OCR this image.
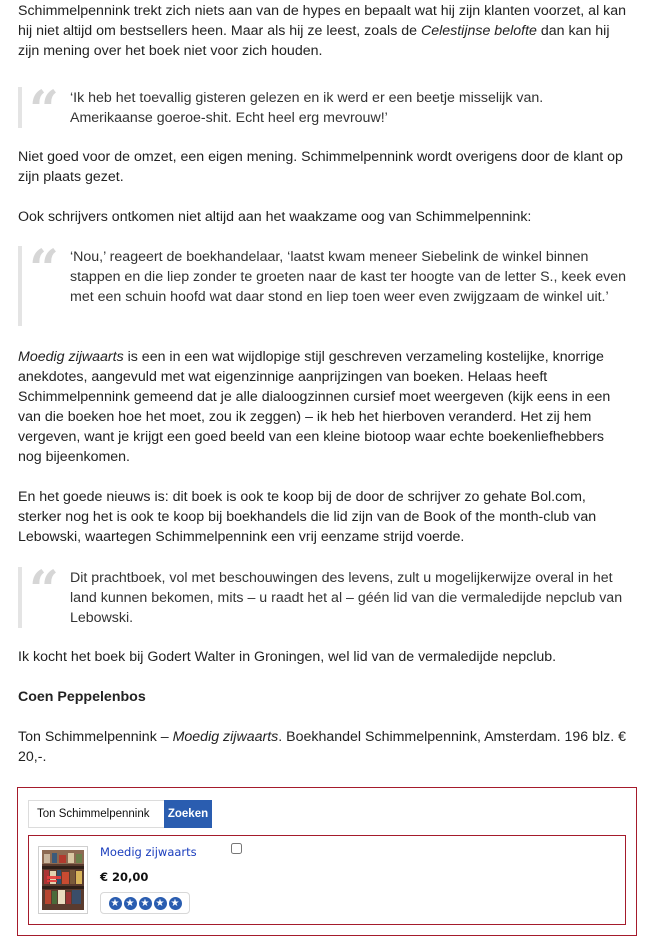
Schimmelpennink trekt zich niets aan van de hypes en bepaalt wat hij zijn klanten voorzet, al kan hij niet altijd om bestsellers heen. Maar als hij ze leest, zoals de Celestijnse belofte dan kan hij zijn mening over het boek niet voor zich houden.

“ ‘Ik heb het toevallig gisteren gelezen en ik werd er een beetje misselijk van. Amerikaanse goeroe-shit. Echt heel erg mevrouw!’

Niet goed voor de omzet, een eigen mening. Schimmelpennink wordt overigens door de klant op zijn plaats gezet.

Ook schrijvers ontkomen niet altijd aan het waakzame oog van Schimmelpennink:

“ ‘Nou,’ reageert de boekhandelaar, ‘laatst kwam meneer Siebelink de winkel binnen stappen en die liep zonder te groeten naar de kast ter hoogte van de letter S., keek even met een schuin hoofd wat daar stond en liep toen weer even zwijgzaam de winkel uit.’

Moedig zijwaarts is een in een wat wijdlopige stijl geschreven verzameling kostelijke, knorrige anekdotes, aangevuld met wat eigenzinnige aanprijzingen van boeken. Helaas heeft Schimmelpennink gemeend dat je alle dialoogzinnen cursief moet weergeven (kijk eens in een van die boeken hoe het moet, zou ik zeggen) – ik heb het hierboven veranderd. Het zij hem vergeven, want je krijgt een goed beeld van een kleine biotoop waar echte boekenliefhebbers nog bijeenkomen.

En het goede nieuws is: dit boek is ook te koop bij de door de schrijver zo gehate Bol.com, sterker nog het is ook te koop bij boekhandels die lid zijn van de Book of the month-club van Lebowski, waartegen Schimmelpennink een vrij eenzame strijd voerde.

“ Dit prachtboek, vol met beschouwingen des levens, zult u mogelijkerwijze overal in het land kunnen bekomen, mits – u raadt het al – géén lid van die vermaledijde nepclub van Lebowski.

Ik kocht het boek bij Godert Walter in Groningen, wel lid van de vermaledijde nepclub.

Coen Peppelenbos

Ton Schimmelpennink – Moedig zijwaarts. Boekhandel Schimmelpennink, Amsterdam. 196 blz. € 20,-.

Ton Schimmelpennink
Zoeken
Moedig zijwaarts
€ 20,00
★ ★ ★ ★ ★
